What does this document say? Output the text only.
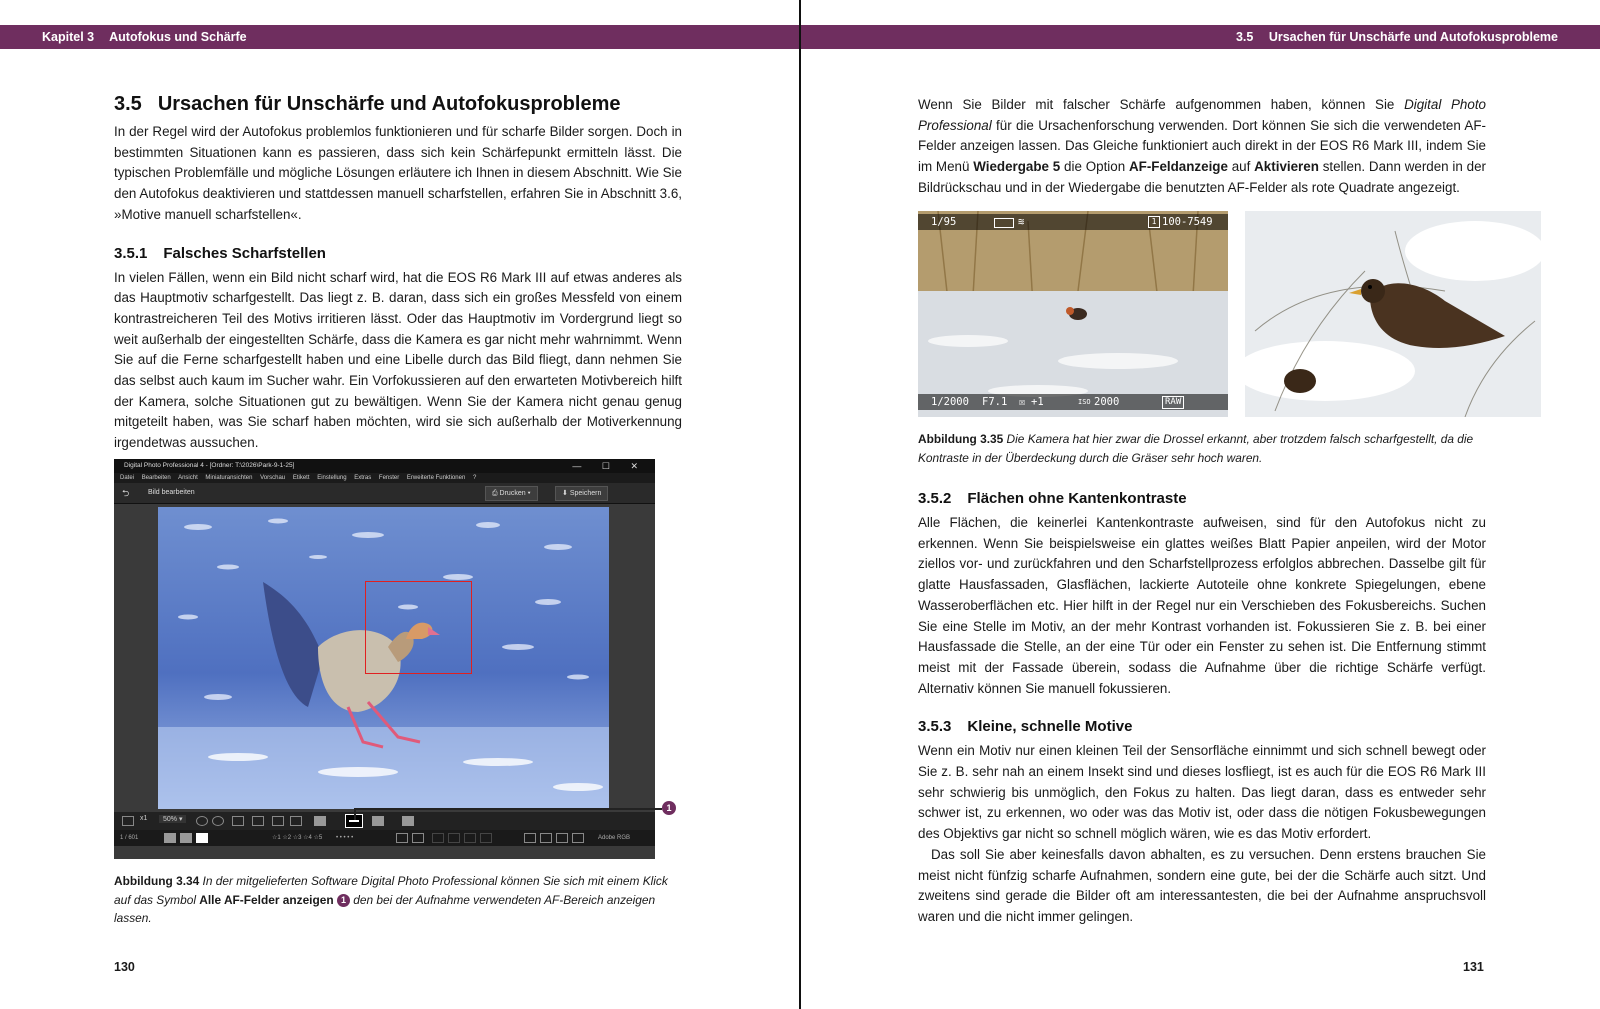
Kapitel 3 Autofokus und Schärfe	3.5 Ursachen für Unschärfe und Autofokusprobleme
3.5 Ursachen für Unschärfe und Autofokusprobleme

In der Regel wird der Autofokus problemlos funktionieren und für scharfe Bilder sorgen. Doch in bestimmten Situationen kann es passieren, dass sich kein Schärfepunkt ermitteln lässt. Die typischen Problemfälle und mögliche Lösungen erläutere ich Ihnen in diesem Abschnitt. Wie Sie den Autofokus deaktivieren und stattdessen manuell scharfstellen, erfahren Sie in Abschnitt 3.6, »Motive manuell scharfstellen«.

3.5.1 Falsches Scharfstellen

In vielen Fällen, wenn ein Bild nicht scharf wird, hat die EOS R6 Mark III auf etwas anderes als das Hauptmotiv scharfgestellt. Das liegt z. B. daran, dass sich ein großes Messfeld von einem kontrastreicheren Teil des Motivs irritieren lässt. Oder das Hauptmotiv im Vordergrund liegt so weit außerhalb der eingestellten Schärfe, dass die Kamera es gar nicht mehr wahrnimmt. Wenn Sie auf die Ferne scharfgestellt haben und eine Libelle durch das Bild fliegt, dann nehmen Sie das selbst auch kaum im Sucher wahr. Ein Vorfokussieren auf den erwarteten Motivbereich hilft der Kamera, solche Situationen gut zu bewältigen. Wenn Sie der Kamera nicht genau genug mitgeteilt haben, was Sie scharf haben möchten, wird sie sich außerhalb der Motiverkennung irgendetwas aussuchen.

Digital Photo Professional 4 - [Ordner: T:\2026\Park-9-1-25]	— ☐ ✕
Datei Bearbeiten Ansicht Miniaturansichten Vorschau Etikett Einstellung Extras Fenster Erweiterte Funktionen ?
⮌	Bild bearbeiten	⎙ Drucken ▾	⬇ Speichern
x1	50% ▾
1 / 601	☆1 ☆2 ☆3 ☆4 ☆5 • • • • •	Adobe RGB
1
Abbildung 3.34 In der mitgelieferten Software Digital Photo Professional können Sie sich mit einem Klick auf das Symbol Alle AF-Felder anzeigen 1 den bei der Aufnahme verwendeten AF-Bereich anzeigen lassen.
130

Wenn Sie Bilder mit falscher Schärfe aufgenommen haben, können Sie Digital Photo Professional für die Ursachenforschung verwenden. Dort können Sie sich die verwendeten AF-Felder anzeigen lassen. Das Gleiche funktioniert auch direkt in der EOS R6 Mark III, indem Sie im Menü Wiedergabe 5 die Option AF-Feldanzeige auf Aktivieren stellen. Dann werden in der Bildrückschau und in der Wiedergabe die benutzten AF-Felder als rote Quadrate angezeigt.

1/95	≋	1 100-7549
1/2000 F7.1 ☒ +1	ISO 2000	RAW
Abbildung 3.35 Die Kamera hat hier zwar die Drossel erkannt, aber trotzdem falsch scharfgestellt, da die Kontraste in der Überdeckung durch die Gräser sehr hoch waren.
3.5.2 Flächen ohne Kantenkontraste

Alle Flächen, die keinerlei Kantenkontraste aufweisen, sind für den Autofokus nicht zu erkennen. Wenn Sie beispielsweise ein glattes weißes Blatt Papier anpeilen, wird der Motor ziellos vor- und zurückfahren und den Scharfstellprozess erfolglos abbrechen. Dasselbe gilt für glatte Hausfassaden, Glasflächen, lackierte Autoteile ohne konkrete Spiegelungen, ebene Wasseroberflächen etc. Hier hilft in der Regel nur ein Verschieben des Fokusbereichs. Suchen Sie eine Stelle im Motiv, an der mehr Kontrast vorhanden ist. Fokussieren Sie z. B. bei einer Hausfassade die Stelle, an der eine Tür oder ein Fenster zu sehen ist. Die Entfernung stimmt meist mit der Fassade überein, sodass die Aufnahme über die richtige Schärfe verfügt. Alternativ können Sie manuell fokussieren.

3.5.3 Kleine, schnelle Motive

Wenn ein Motiv nur einen kleinen Teil der Sensorfläche einnimmt und sich schnell bewegt oder Sie z. B. sehr nah an einem Insekt sind und dieses losfliegt, ist es auch für die EOS R6 Mark III sehr schwierig bis unmöglich, den Fokus zu halten. Das liegt daran, dass es entweder sehr schwer ist, zu erkennen, wo oder was das Motiv ist, oder dass die nötigen Fokusbewegungen des Objektivs gar nicht so schnell möglich wären, wie es das Motiv erfordert.

Das soll Sie aber keinesfalls davon abhalten, es zu versuchen. Denn erstens brauchen Sie meist nicht fünfzig scharfe Aufnahmen, sondern eine gute, bei der die Schärfe auch sitzt. Und zweitens sind gerade die Bilder oft am interessantesten, die bei der Aufnahme anspruchsvoll waren und die nicht immer gelingen.

131
